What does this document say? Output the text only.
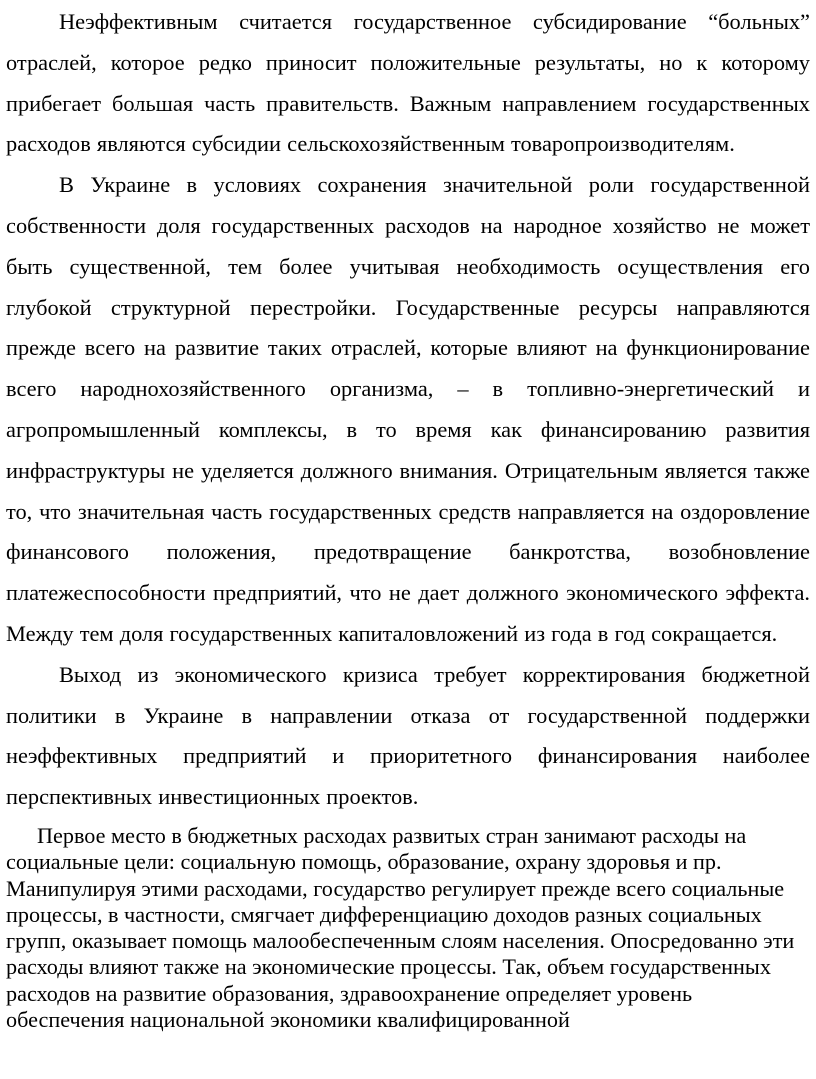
Неэффективным считается государственное субсидирование “больных” отраслей, которое редко приносит положительные результаты, но к которому прибегает большая часть правительств. Важным направлением государственных расходов являются субсидии сельскохозяйственным товаропроизводителям.

В Украине в условиях сохранения значительной роли государственной собственности доля государственных расходов на народное хозяйство не может быть существенной, тем более учитывая необходимость осуществления его глубокой структурной перестройки. Государственные ресурсы направляются прежде всего на развитие таких отраслей, которые влияют на функционирование всего народнохозяйственного организма, – в топливно-энергетический и агропромышленный комплексы, в то время как финансированию развития инфраструктуры не уделяется должного внимания. Отрицательным является также то, что значительная часть государственных средств направляется на оздоровление финансового положения, предотвращение банкротства, возобновление платежеспособности предприятий, что не дает должного экономического эффекта. Между тем доля государственных капиталовложений из года в год сокращается.

Выход из экономического кризиса требует корректирования бюджетной политики в Украине в направлении отказа от государственной поддержки неэффективных предприятий и приоритетного финансирования наиболее перспективных инвестиционных проектов.

Первое место в бюджетных расходах развитых стран занимают расходы на социальные цели: социальную помощь, образование, охрану здоровья и пр. Манипулируя этими расходами, государство регулирует прежде всего социальные процессы, в частности, смягчает дифференциацию доходов разных социальных групп, оказывает помощь малообеспеченным слоям населения. Опосредованно эти расходы влияют также на экономические процессы. Так, объем государственных расходов на развитие образования, здравоохранение определяет уровень обеспечения национальной экономики квалифицированной
